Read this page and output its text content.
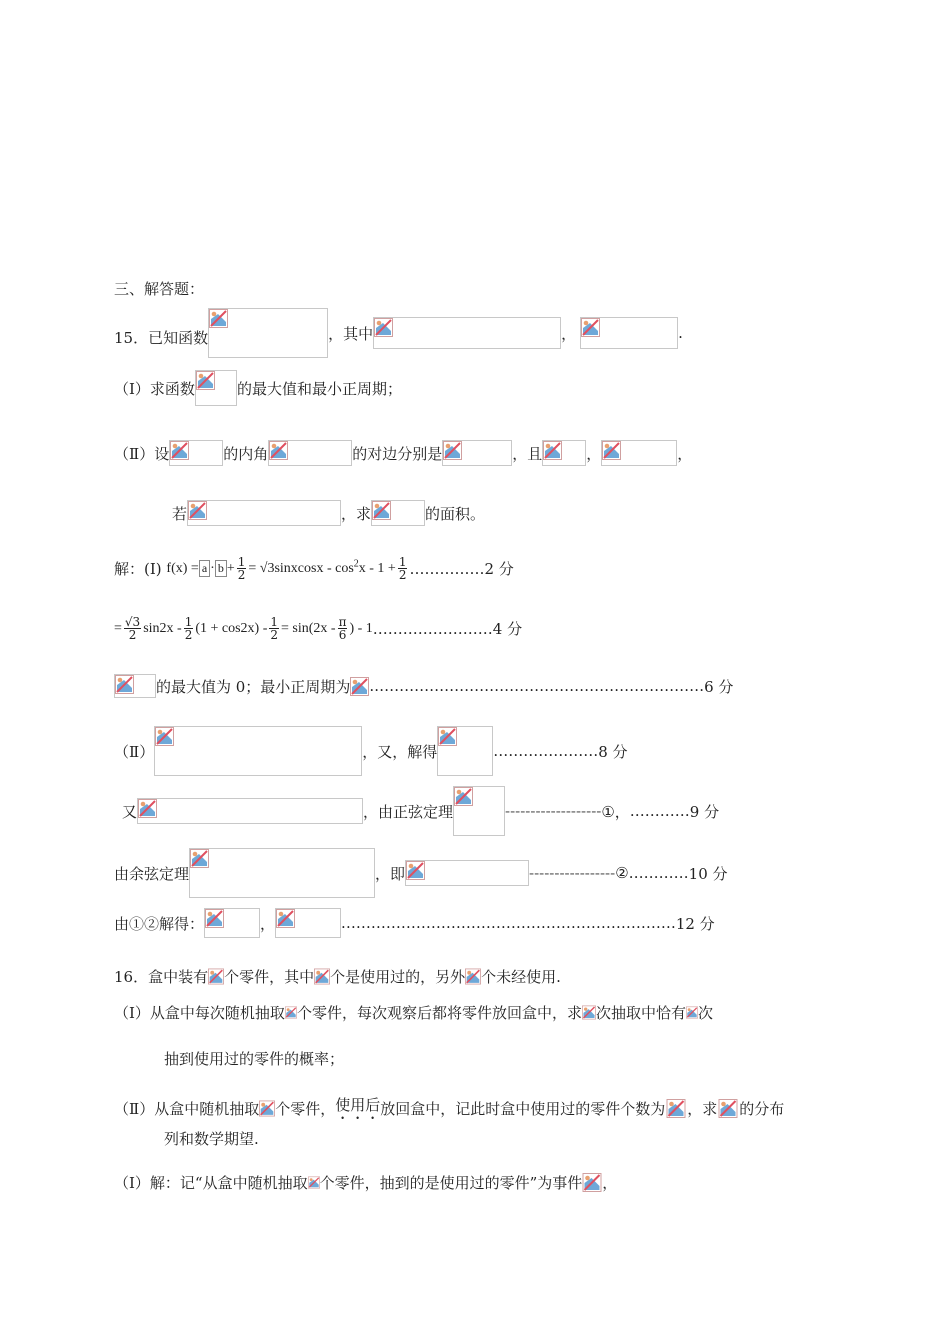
三、解答题：
15．已知函数	，其中	，	.
（Ⅰ）求函数	的最大值和最小正周期；
（Ⅱ）设	的内角	的对边分别是	，且	，	，
若	，求	的面积。
解：(Ⅰ) $f(x) =a\cdot b+ \frac{1}{2}$ = √3sinxcosx - $\cos^2x - 1 + \frac{1}{2}$ ……………2 分
= $\frac{√3}{2} \sin 2x - \frac{1}{2} (1 + \cos 2x) - \frac{1}{2} = \sin(2x - \frac{\pi}{6}$ ) - 1……………………4 分
的最大值为 0；最小正周期为 .…………………………………………………………6 分
（Ⅱ）	，又，解得	…………………8 分
又	，由正弦定理	-------------------①，…………9 分
由余弦定理	，即	-----------------②…………10 分
由①②解得：	，	.…………………………………………………………12 分
16．盒中装有 个零件，其中 个是使用过的，另外 个未经使用.
（Ⅰ）从盒中每次随机抽取 个零件，每次观察后都将零件放回盒中，求 次抽取中恰有 次
抽到使用过的零件的概率；
（Ⅱ）从盒中随机抽取 个零件，使用后放回盒中，记此时盒中使用过的零件个数为 ，求 的分布
列和数学期望.
（Ⅰ）解：记“从盒中随机抽取 个零件，抽到的是使用过的零件”为事件 ，
